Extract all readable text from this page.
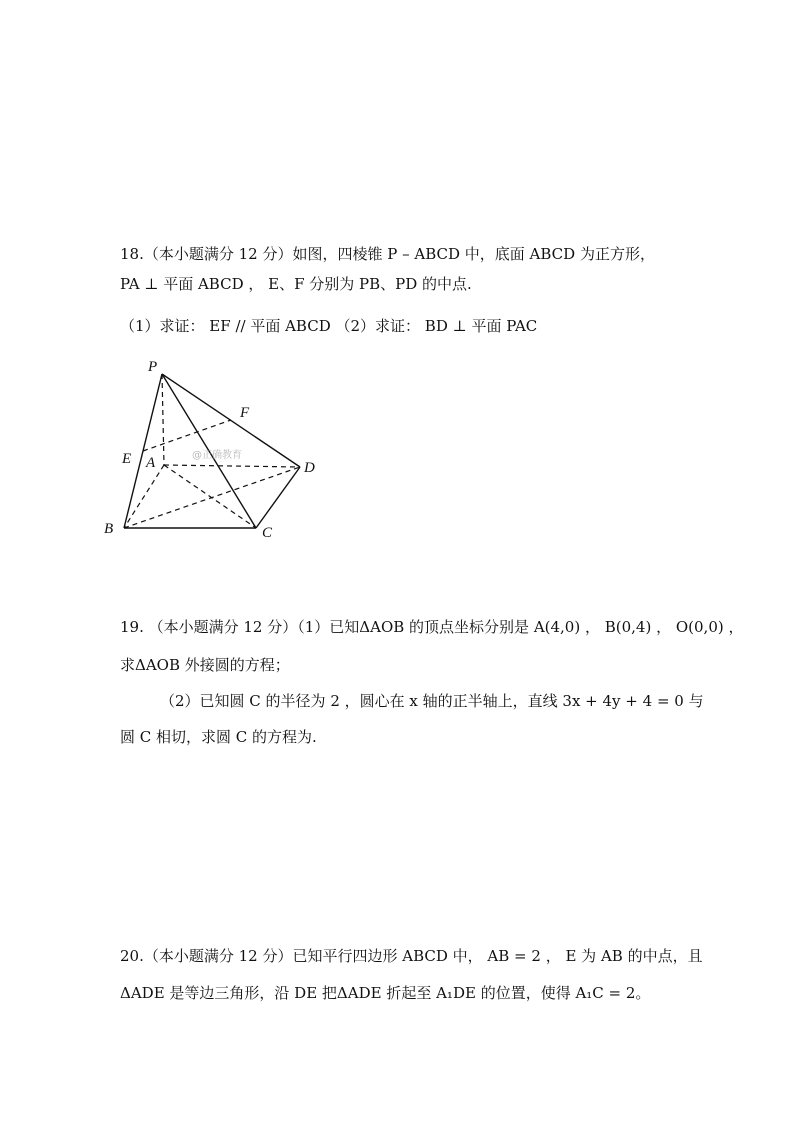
18.（本小题满分 12 分）如图，四棱锥 P – ABCD 中，底面 ABCD 为正方形，
PA ⊥ 平面 ABCD ， E、F 分别为 PB、PD 的中点.
（1）求证： EF // 平面 ABCD （2）求证： BD ⊥ 平面 PAC
@正确教育
P
E
F
A	D
B	C
19. （本小题满分 12 分）（1）已知ΔAOB 的顶点坐标分别是 A(4,0) ， B(0,4) ， O(0,0) ，
求ΔAOB 外接圆的方程；
（2）已知圆 C 的半径为 2 ，圆心在 x 轴的正半轴上，直线 3x + 4y + 4 = 0 与
圆 C 相切，求圆 C 的方程为.
20.（本小题满分 12 分）已知平行四边形 ABCD 中， AB = 2 ， E 为 AB 的中点，且
ΔADE 是等边三角形，沿 DE 把ΔADE 折起至 A₁DE 的位置，使得 A₁C = 2。
